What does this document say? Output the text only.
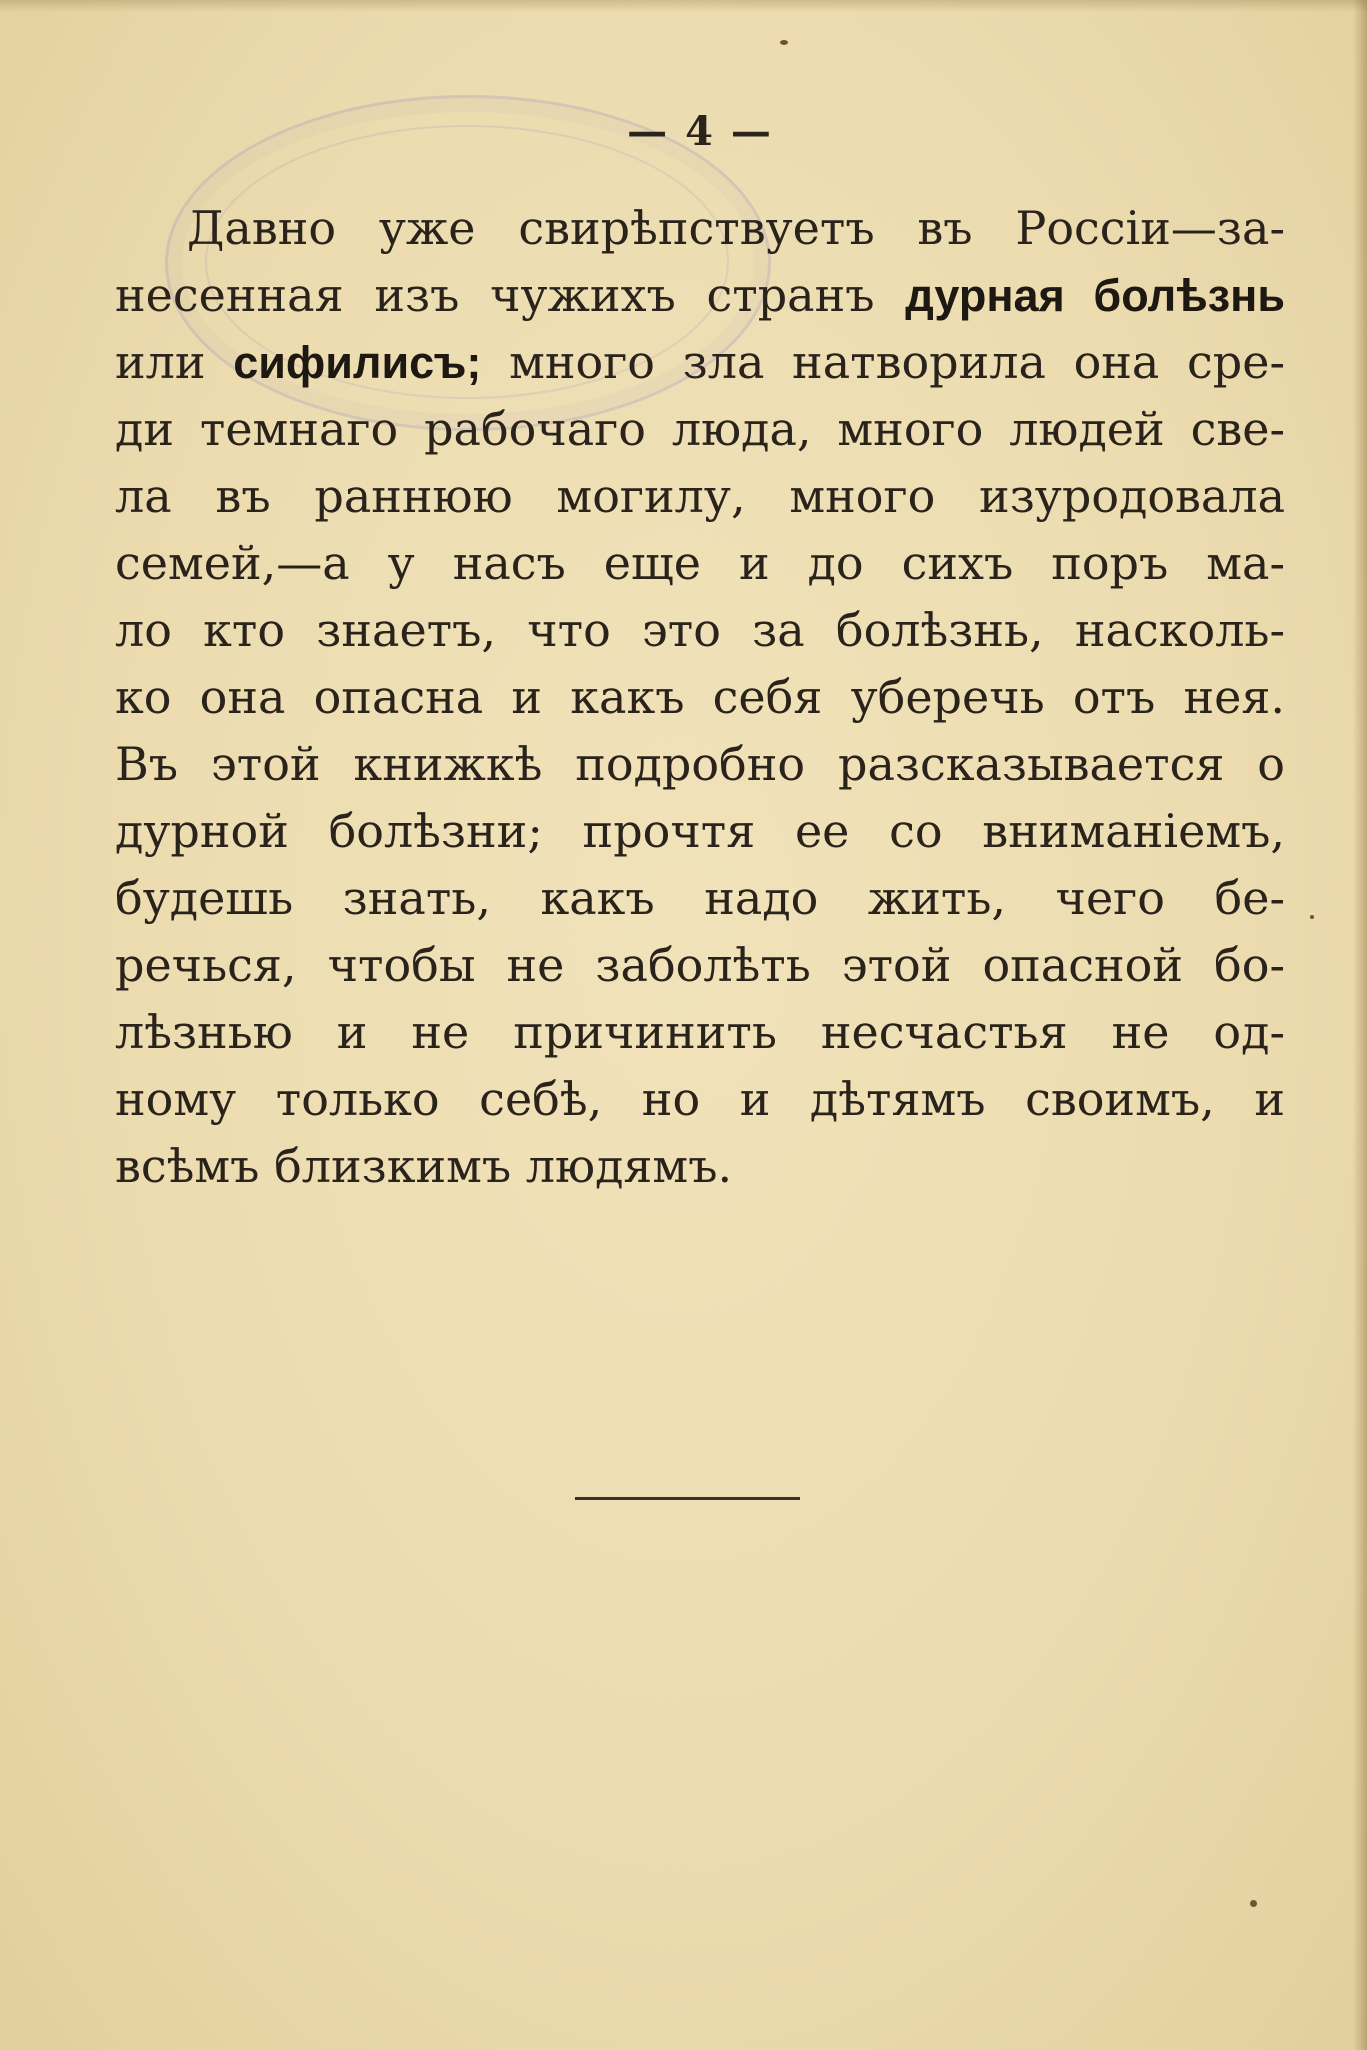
— 4 —
Давно уже свирѣпствуетъ въ Россіи—за-
несенная изъ чужихъ странъ дурная болѣзнь
или сифилисъ; много зла натворила она сре-
ди темнаго рабочаго люда, много людей све-
ла въ раннюю могилу, много изуродовала
семей,—а у насъ еще и до сихъ поръ ма-
ло кто знаетъ, что это за болѣзнь, насколь-
ко она опасна и какъ себя уберечь отъ нея.
Въ этой книжкѣ подробно разсказывается о
дурной болѣзни; прочтя ее со вниманіемъ,
будешь знать, какъ надо жить, чего бе-
речься, чтобы не заболѣть этой опасной бо-
лѣзнью и не причинить несчастья не од-
ному только себѣ, но и дѣтямъ своимъ, и
всѣмъ близкимъ людямъ.
